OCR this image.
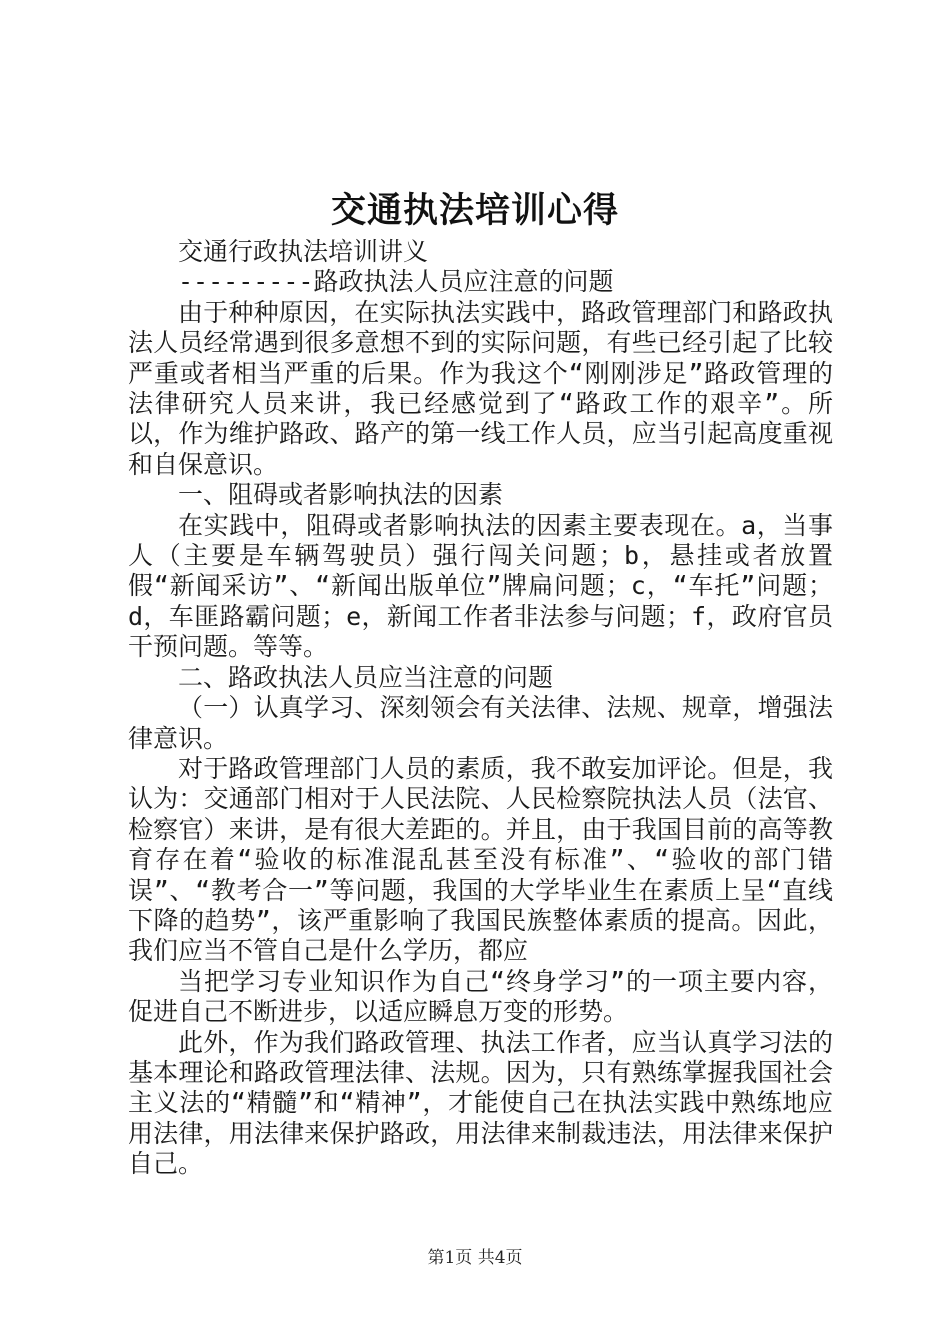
交通执法培训心得

交通行政执法培训讲义

---------路政执法人员应注意的问题

由于种种原因，在实际执法实践中，路政管理部门和路政执法人员经常遇到很多意想不到的实际问题，有些已经引起了比较严重或者相当严重的后果。作为我这个“刚刚涉足”路政管理的法律研究人员来讲，我已经感觉到了“路政工作的艰辛”。所以，作为维护路政、路产的第一线工作人员，应当引起高度重视和自保意识。

一、阻碍或者影响执法的因素

在实践中，阻碍或者影响执法的因素主要表现在。a，当事人（主要是车辆驾驶员）强行闯关问题；b，悬挂或者放置假“新闻采访”、“新闻出版单位”牌扁问题；c，“车托”问题；d，车匪路霸问题；e，新闻工作者非法参与问题；f，政府官员干预问题。等等。

二、路政执法人员应当注意的问题

（一）认真学习、深刻领会有关法律、法规、规章，增强法律意识。

对于路政管理部门人员的素质，我不敢妄加评论。但是，我认为：交通部门相对于人民法院、人民检察院执法人员（法官、检察官）来讲，是有很大差距的。并且，由于我国目前的高等教育存在着“验收的标准混乱甚至没有标准”、“验收的部门错误”、“教考合一”等问题，我国的大学毕业生在素质上呈“直线下降的趋势”，该严重影响了我国民族整体素质的提高。因此，我们应当不管自己是什么学历，都应

当把学习专业知识作为自己“终身学习”的一项主要内容，促进自己不断进步，以适应瞬息万变的形势。

此外，作为我们路政管理、执法工作者，应当认真学习法的基本理论和路政管理法律、法规。因为，只有熟练掌握我国社会主义法的“精髓”和“精神”，才能使自己在执法实践中熟练地应用法律，用法律来保护路政，用法律来制裁违法，用法律来保护自己。

第1页 共4页
